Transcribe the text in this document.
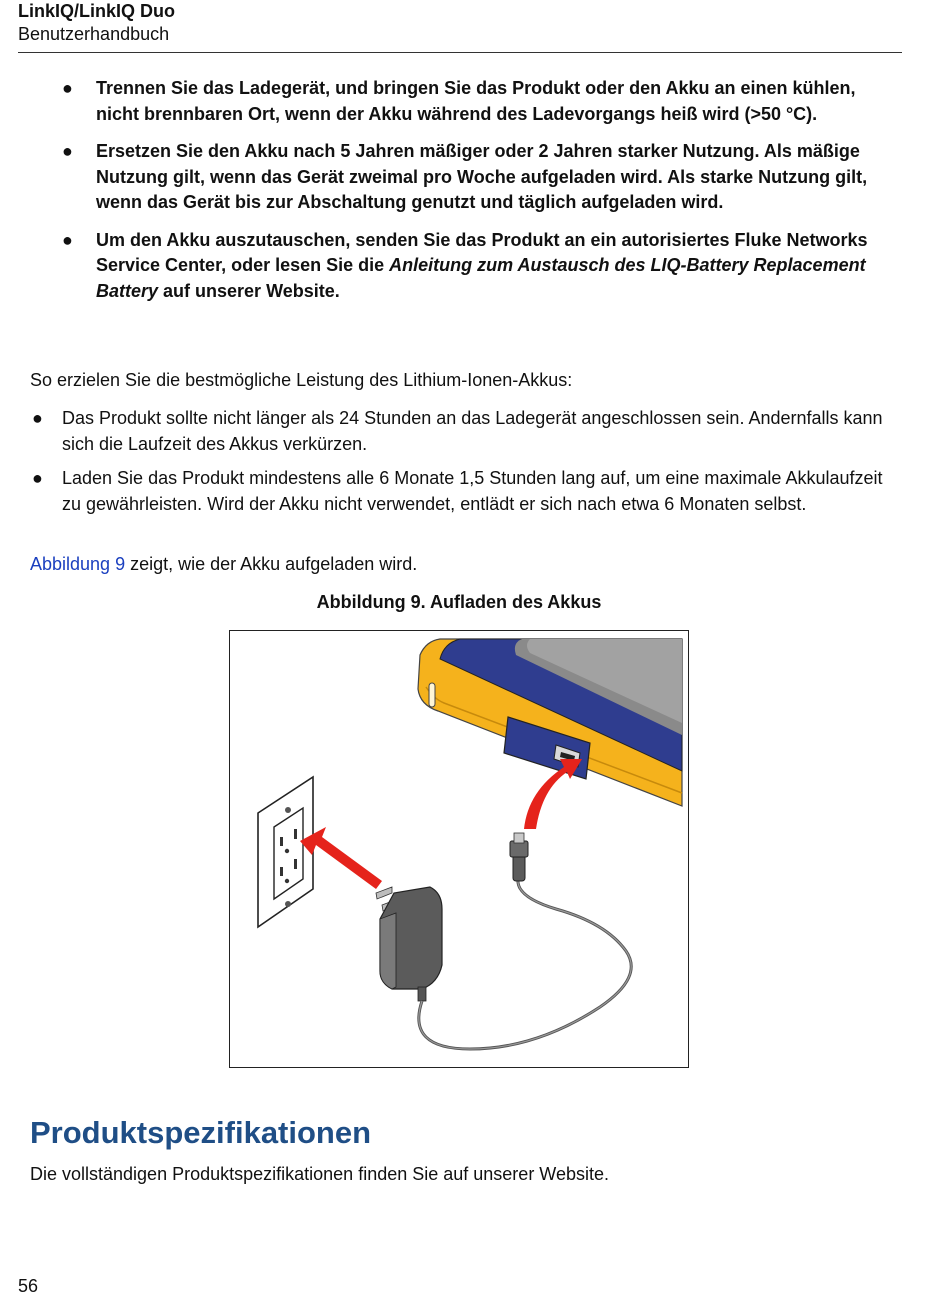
LinkIQ/LinkIQ Duo

Benutzerhandbuch

● Trennen Sie das Ladegerät, und bringen Sie das Produkt oder den Akku an einen kühlen, nicht brennbaren Ort, wenn der Akku während des Ladevorgangs heiß wird (>50 °C).
● Ersetzen Sie den Akku nach 5 Jahren mäßiger oder 2 Jahren starker Nutzung. Als mäßige Nutzung gilt, wenn das Gerät zweimal pro Woche aufgeladen wird. Als starke Nutzung gilt, wenn das Gerät bis zur Abschaltung genutzt und täglich aufgeladen wird.
● Um den Akku auszutauschen, senden Sie das Produkt an ein autorisiertes Fluke Networks Service Center, oder lesen Sie die Anleitung zum Austausch des LIQ-Battery Replacement Battery auf unserer Website.

So erzielen Sie die bestmögliche Leistung des Lithium-Ionen-Akkus:

● Das Produkt sollte nicht länger als 24 Stunden an das Ladegerät angeschlossen sein. Andernfalls kann sich die Laufzeit des Akkus verkürzen.
● Laden Sie das Produkt mindestens alle 6 Monate 1,5 Stunden lang auf, um eine maximale Akkulaufzeit zu gewährleisten. Wird der Akku nicht verwendet, entlädt er sich nach etwa 6 Monaten selbst.

Abbildung 9 zeigt, wie der Akku aufgeladen wird.

Abbildung 9. Aufladen des Akkus

Produktspezifikationen

Die vollständigen Produktspezifikationen finden Sie auf unserer Website.

56
